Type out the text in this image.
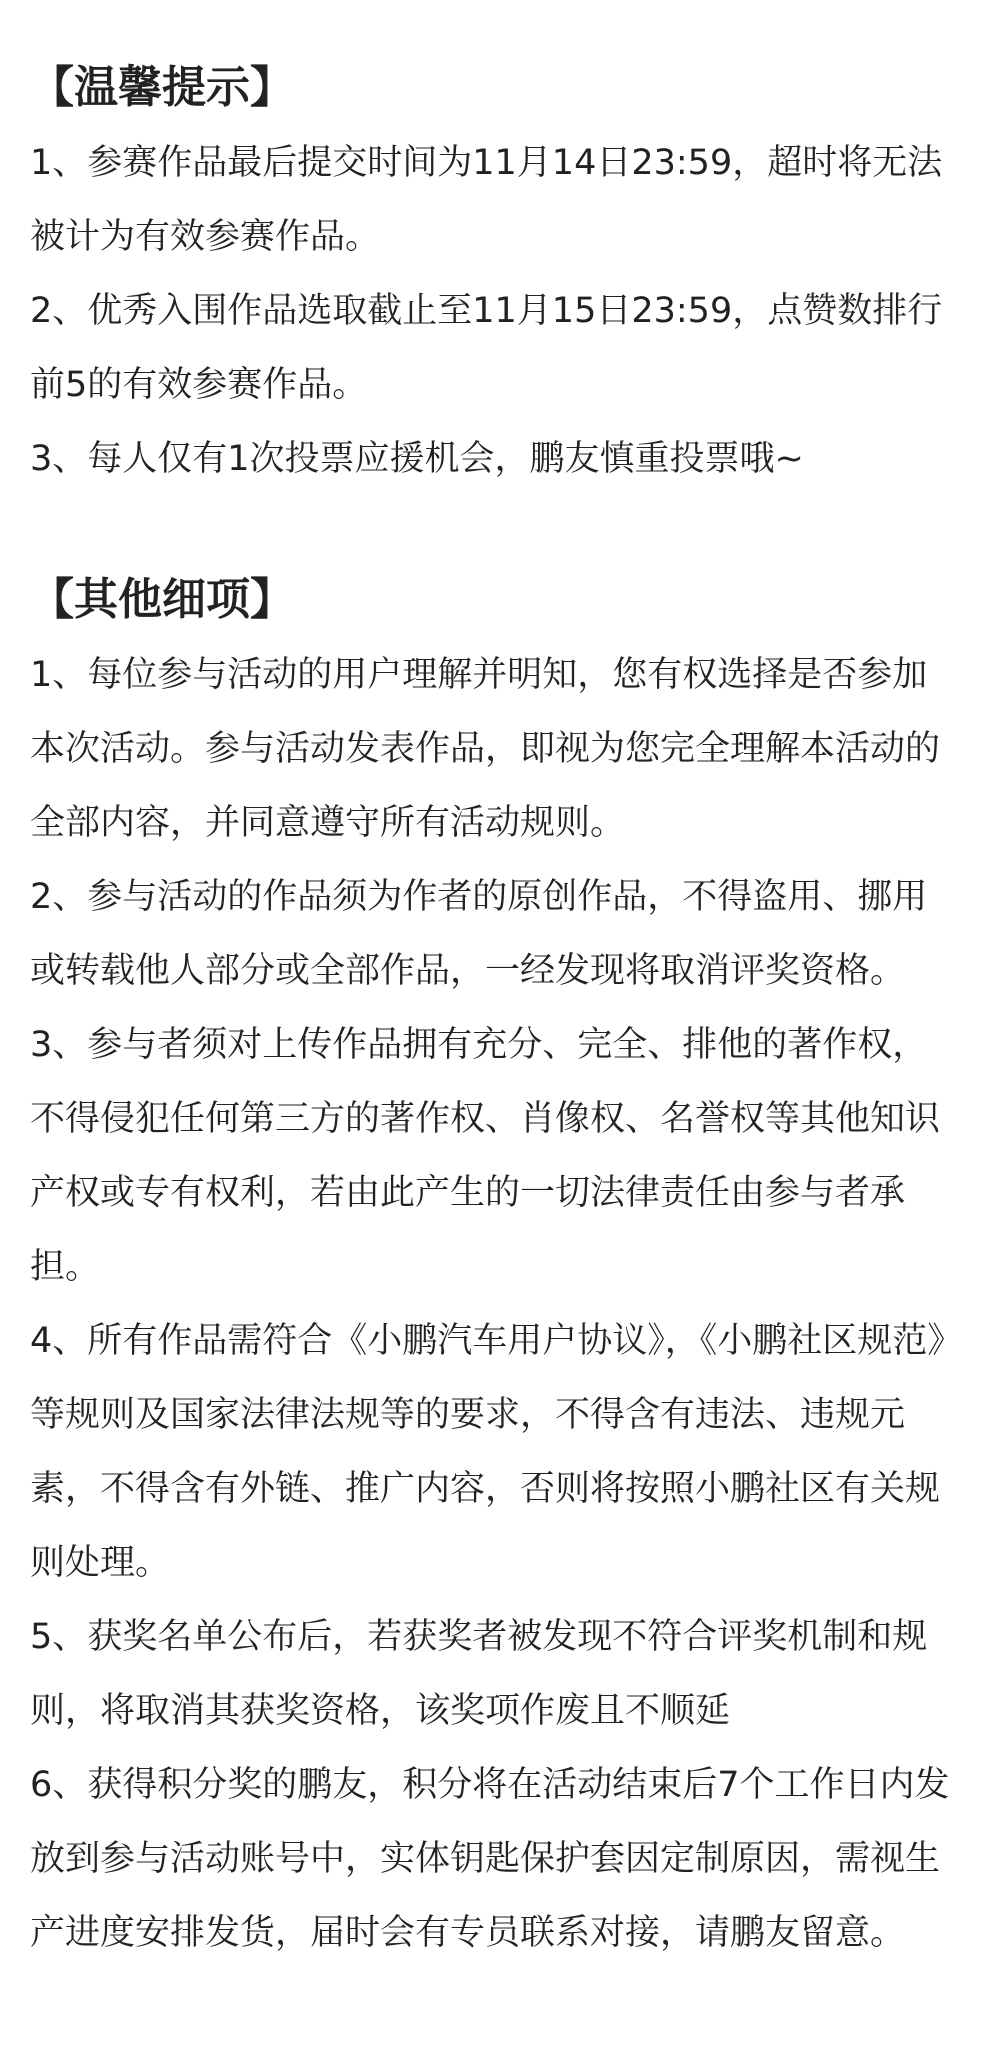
【温馨提示】

1、参赛作品最后提交时间为11月14日23:59，超时将无法被计为有效参赛作品。

2、优秀入围作品选取截止至11月15日23:59，点赞数排行前5的有效参赛作品。

3、每人仅有1次投票应援机会，鹏友慎重投票哦~

【其他细项】

1、每位参与活动的用户理解并明知，您有权选择是否参加本次活动。参与活动发表作品，即视为您完全理解本活动的全部内容，并同意遵守所有活动规则。

2、参与活动的作品须为作者的原创作品，不得盗用、挪用或转载他人部分或全部作品，一经发现将取消评奖资格。

3、参与者须对上传作品拥有充分、完全、排他的著作权，不得侵犯任何第三方的著作权、肖像权、名誉权等其他知识产权或专有权利，若由此产生的一切法律责任由参与者承担。

4、所有作品需符合《小鹏汽车用户协议》，《小鹏社区规范》等规则及国家法律法规等的要求，不得含有违法、违规元素，不得含有外链、推广内容，否则将按照小鹏社区有关规则处理。

5、获奖名单公布后，若获奖者被发现不符合评奖机制和规则，将取消其获奖资格，该奖项作废且不顺延

6、获得积分奖的鹏友，积分将在活动结束后7个工作日内发放到参与活动账号中，实体钥匙保护套因定制原因，需视生产进度安排发货，届时会有专员联系对接，请鹏友留意。
